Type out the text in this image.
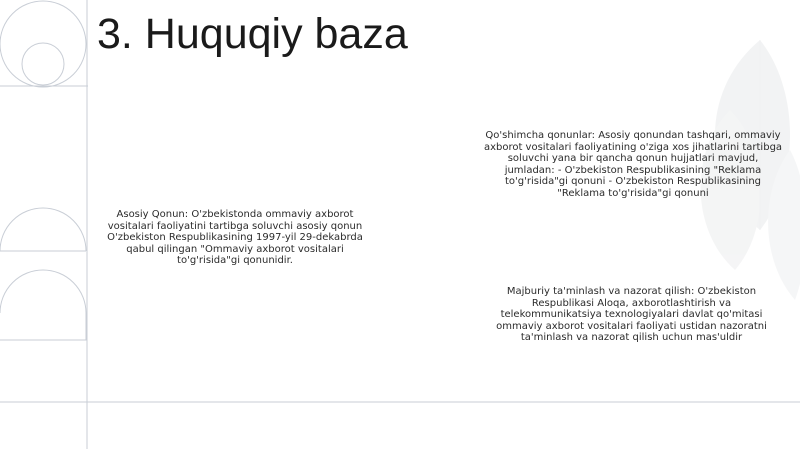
3. Huquqiy baza

Asosiy Qonun: O'zbekistonda ommaviy axborot vositalari faoliyatini tartibga soluvchi asosiy qonun O'zbekiston Respublikasining 1997-yil 29-dekabrda qabul qilingan "Ommaviy axborot vositalari to'g'risida"gi qonunidir.

Qo'shimcha qonunlar: Asosiy qonundan tashqari, ommaviy axborot vositalari faoliyatining o'ziga xos jihatlarini tartibga soluvchi yana bir qancha qonun hujjatlari mavjud, jumladan: - O'zbekiston Respublikasining "Reklama to'g'risida"gi qonuni - O'zbekiston Respublikasining "Reklama to'g'risida"gi qonuni

Majburiy ta'minlash va nazorat qilish: O'zbekiston Respublikasi Aloqa, axborotlashtirish va telekommunikatsiya texnologiyalari davlat qo'mitasi ommaviy axborot vositalari faoliyati ustidan nazoratni ta'minlash va nazorat qilish uchun mas'uldir
